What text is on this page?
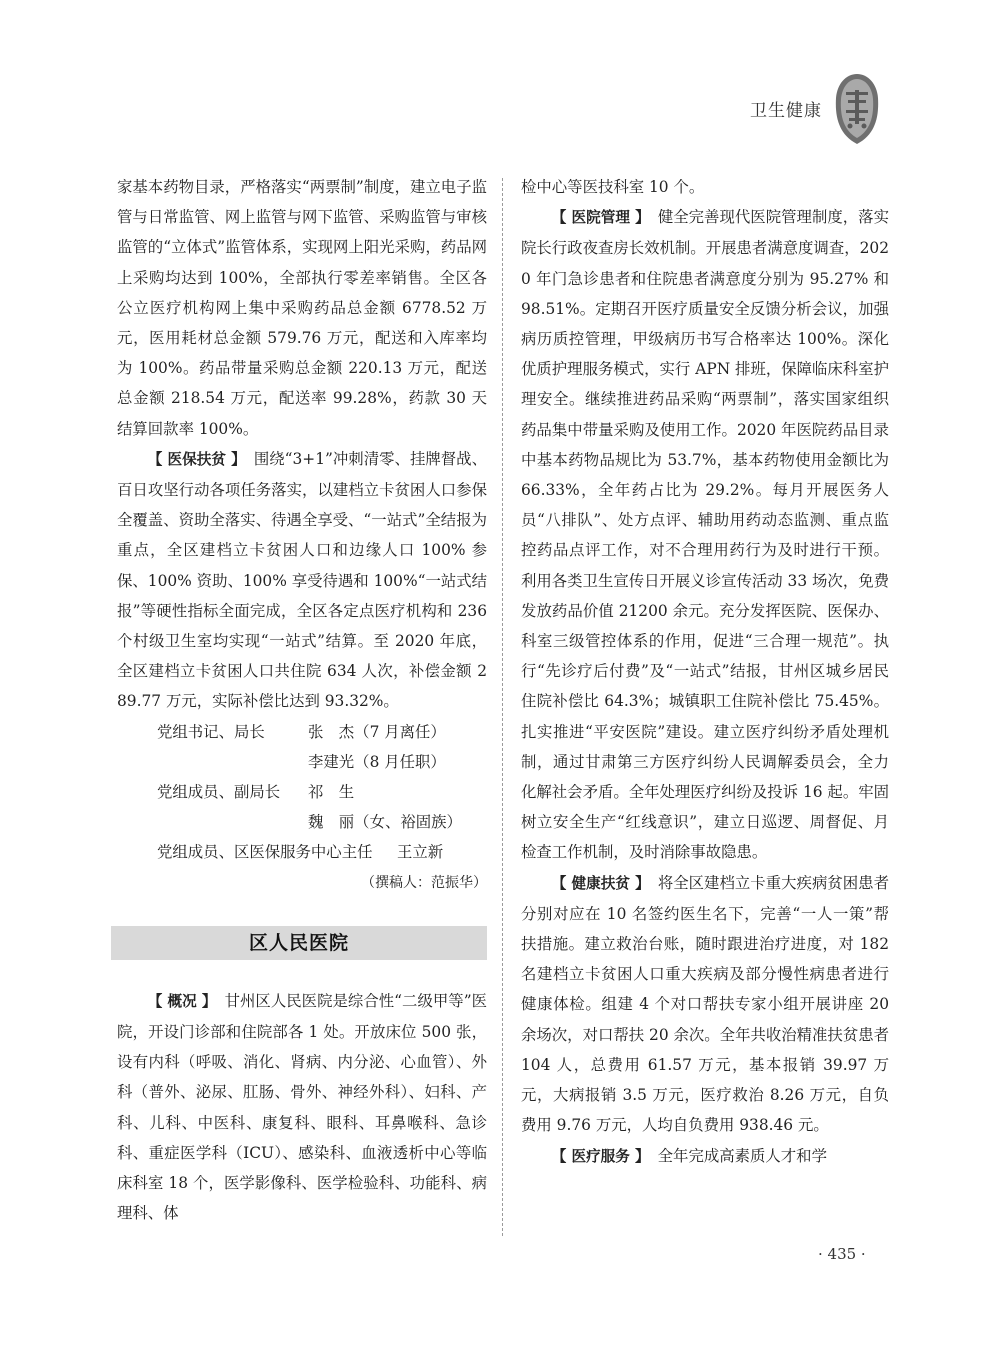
卫生健康

家基本药物目录，严格落实“两票制”制度，建立电子监管与日常监管、网上监管与网下监管、采购监管与审核监管的“立体式”监管体系，实现网上阳光采购，药品网上采购均达到 100%，全部执行零差率销售。全区各公立医疗机构网上集中采购药品总金额 6778.52 万元，医用耗材总金额 579.76 万元，配送和入库率均为 100%。药品带量采购总金额 220.13 万元，配送总金额 218.54 万元，配送率 99.28%，药款 30 天结算回款率 100%。

【 医保扶贫 】　 围绕“3+1”冲刺清零、挂牌督战、百日攻坚行动各项任务落实，以建档立卡贫困人口参保全覆盖、资助全落实、待遇全享受、“一站式”全结报为重点，全区建档立卡贫困人口和边缘人口 100% 参保、100% 资助、100% 享受待遇和 100%“一站式结报”等硬性指标全面完成，全区各定点医疗机构和 236 个村级卫生室均实现“一站式”结算。至 2020 年底，全区建档立卡贫困人口共住院 634 人次，补偿金额 289.77 万元，实际补偿比达到 93.32%。

党组书记、局长	张　杰（7 月离任）
李建光（8 月任职）
党组成员、副局长	祁　生
魏　丽（女、裕固族）
党组成员、区医保服务中心主任	王立新
（撰稿人：范振华）
区人民医院

【 概况 】　 甘州区人民医院是综合性“二级甲等”医院，开设门诊部和住院部各 1 处。开放床位 500 张，设有内科（呼吸、消化、肾病、内分泌、心血管）、外科（普外、泌尿、肛肠、骨外、神经外科）、妇科、产科、儿科、中医科、康复科、眼科、耳鼻喉科、急诊科、重症医学科（ICU）、感染科、血液透析中心等临床科室 18 个，医学影像科、医学检验科、功能科、病理科、体

检中心等医技科室 10 个。

【 医院管理 】　 健全完善现代医院管理制度，落实院长行政夜查房长效机制。开展患者满意度调查，2020 年门急诊患者和住院患者满意度分别为 95.27% 和 98.51%。定期召开医疗质量安全反馈分析会议，加强病历质控管理，甲级病历书写合格率达 100%。深化优质护理服务模式，实行 APN 排班，保障临床科室护理安全。继续推进药品采购“两票制”，落实国家组织药品集中带量采购及使用工作。2020 年医院药品目录中基本药物品规比为 53.7%，基本药物使用金额比为 66.33%，全年药占比为 29.2%。每月开展医务人员“八排队”、处方点评、辅助用药动态监测、重点监控药品点评工作，对不合理用药行为及时进行干预。利用各类卫生宣传日开展义诊宣传活动 33 场次，免费发放药品价值 21200 余元。充分发挥医院、医保办、科室三级管控体系的作用，促进“三合理一规范”。执行“先诊疗后付费”及“一站式”结报，甘州区城乡居民住院补偿比 64.3%；城镇职工住院补偿比 75.45%。扎实推进“平安医院”建设。建立医疗纠纷矛盾处理机制，通过甘肃第三方医疗纠纷人民调解委员会，全力化解社会矛盾。全年处理医疗纠纷及投诉 16 起。牢固树立安全生产“红线意识”，建立日巡逻、周督促、月检查工作机制，及时消除事故隐患。

【 健康扶贫 】　 将全区建档立卡重大疾病贫困患者分别对应在 10 名签约医生名下，完善“一人一策”帮扶措施。建立救治台账，随时跟进治疗进度，对 182 名建档立卡贫困人口重大疾病及部分慢性病患者进行健康体检。组建 4 个对口帮扶专家小组开展讲座 20 余场次，对口帮扶 20 余次。全年共收治精准扶贫患者 104 人，总费用 61.57 万元，基本报销 39.97 万元，大病报销 3.5 万元，医疗救治 8.26 万元，自负费用 9.76 万元，人均自负费用 938.46 元。

【 医疗服务 】　 全年完成高素质人才和学

· 435 ·
